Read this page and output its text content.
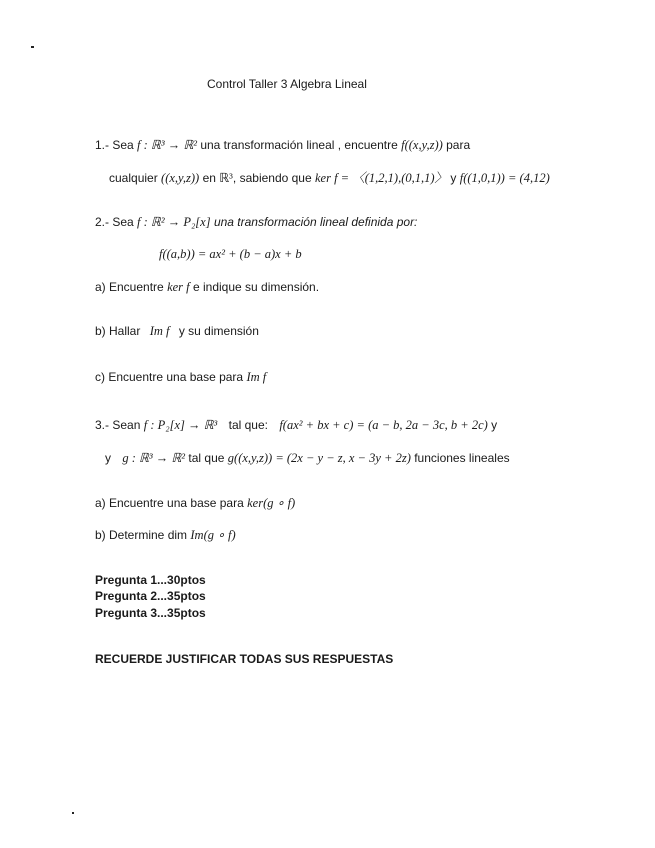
Control Taller 3 Algebra Lineal
1.- Sea f : ℝ³ → ℝ² una transformación lineal , encuentre f((x,y,z)) para
cualquier ((x,y,z)) en ℝ³, sabiendo que ker f = 〈(1,2,1),(0,1,1)〉 y f((1,0,1)) = (4,12)
2.- Sea f : ℝ² → P₂[x] una transformación lineal definida por:
f((a,b)) = ax² + (b − a)x + b
a) Encuentre ker f e indique su dimensión.
b) Hallar Im f y su dimensión
c) Encuentre una base para Im f
3.- Sean f : P₂[x] → ℝ³ tal que: f(ax² + bx + c) = (a − b, 2a − 3c, b + 2c) y
y g : ℝ³ → ℝ² tal que g((x,y,z)) = (2x − y − z, x − 3y + 2z) funciones lineales
a) Encuentre una base para ker(g ∘ f)
b) Determine dim Im(g ∘ f)
Pregunta 1...30ptos
Pregunta 2...35ptos
Pregunta 3...35ptos
RECUERDE JUSTIFICAR TODAS SUS RESPUESTAS
